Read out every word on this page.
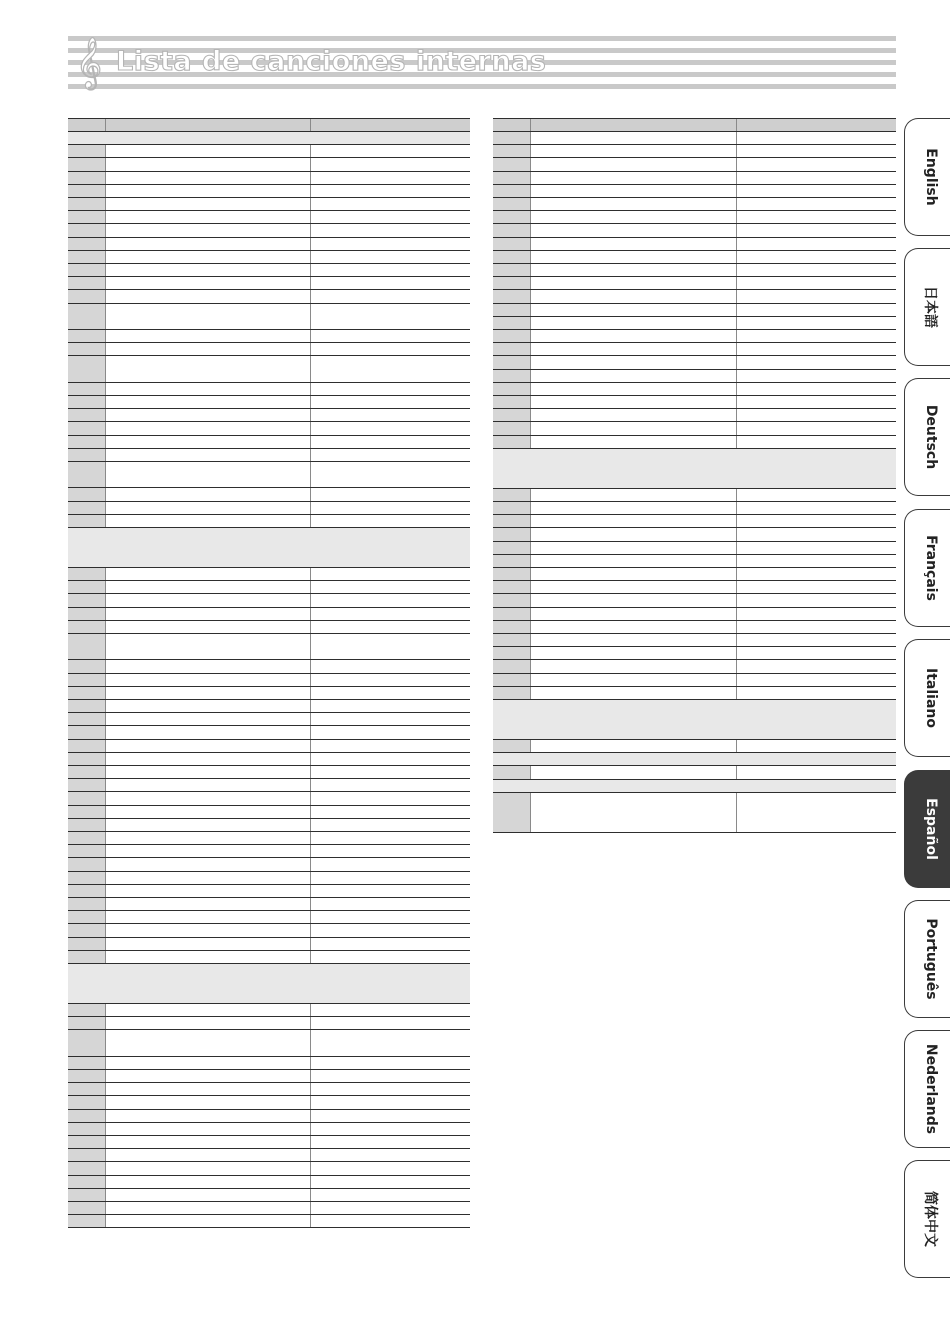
𝄞 Lista de canciones internas
English
日本語
Deutsch
Français
Italiano
Español
Português
Nederlands
简体中文
